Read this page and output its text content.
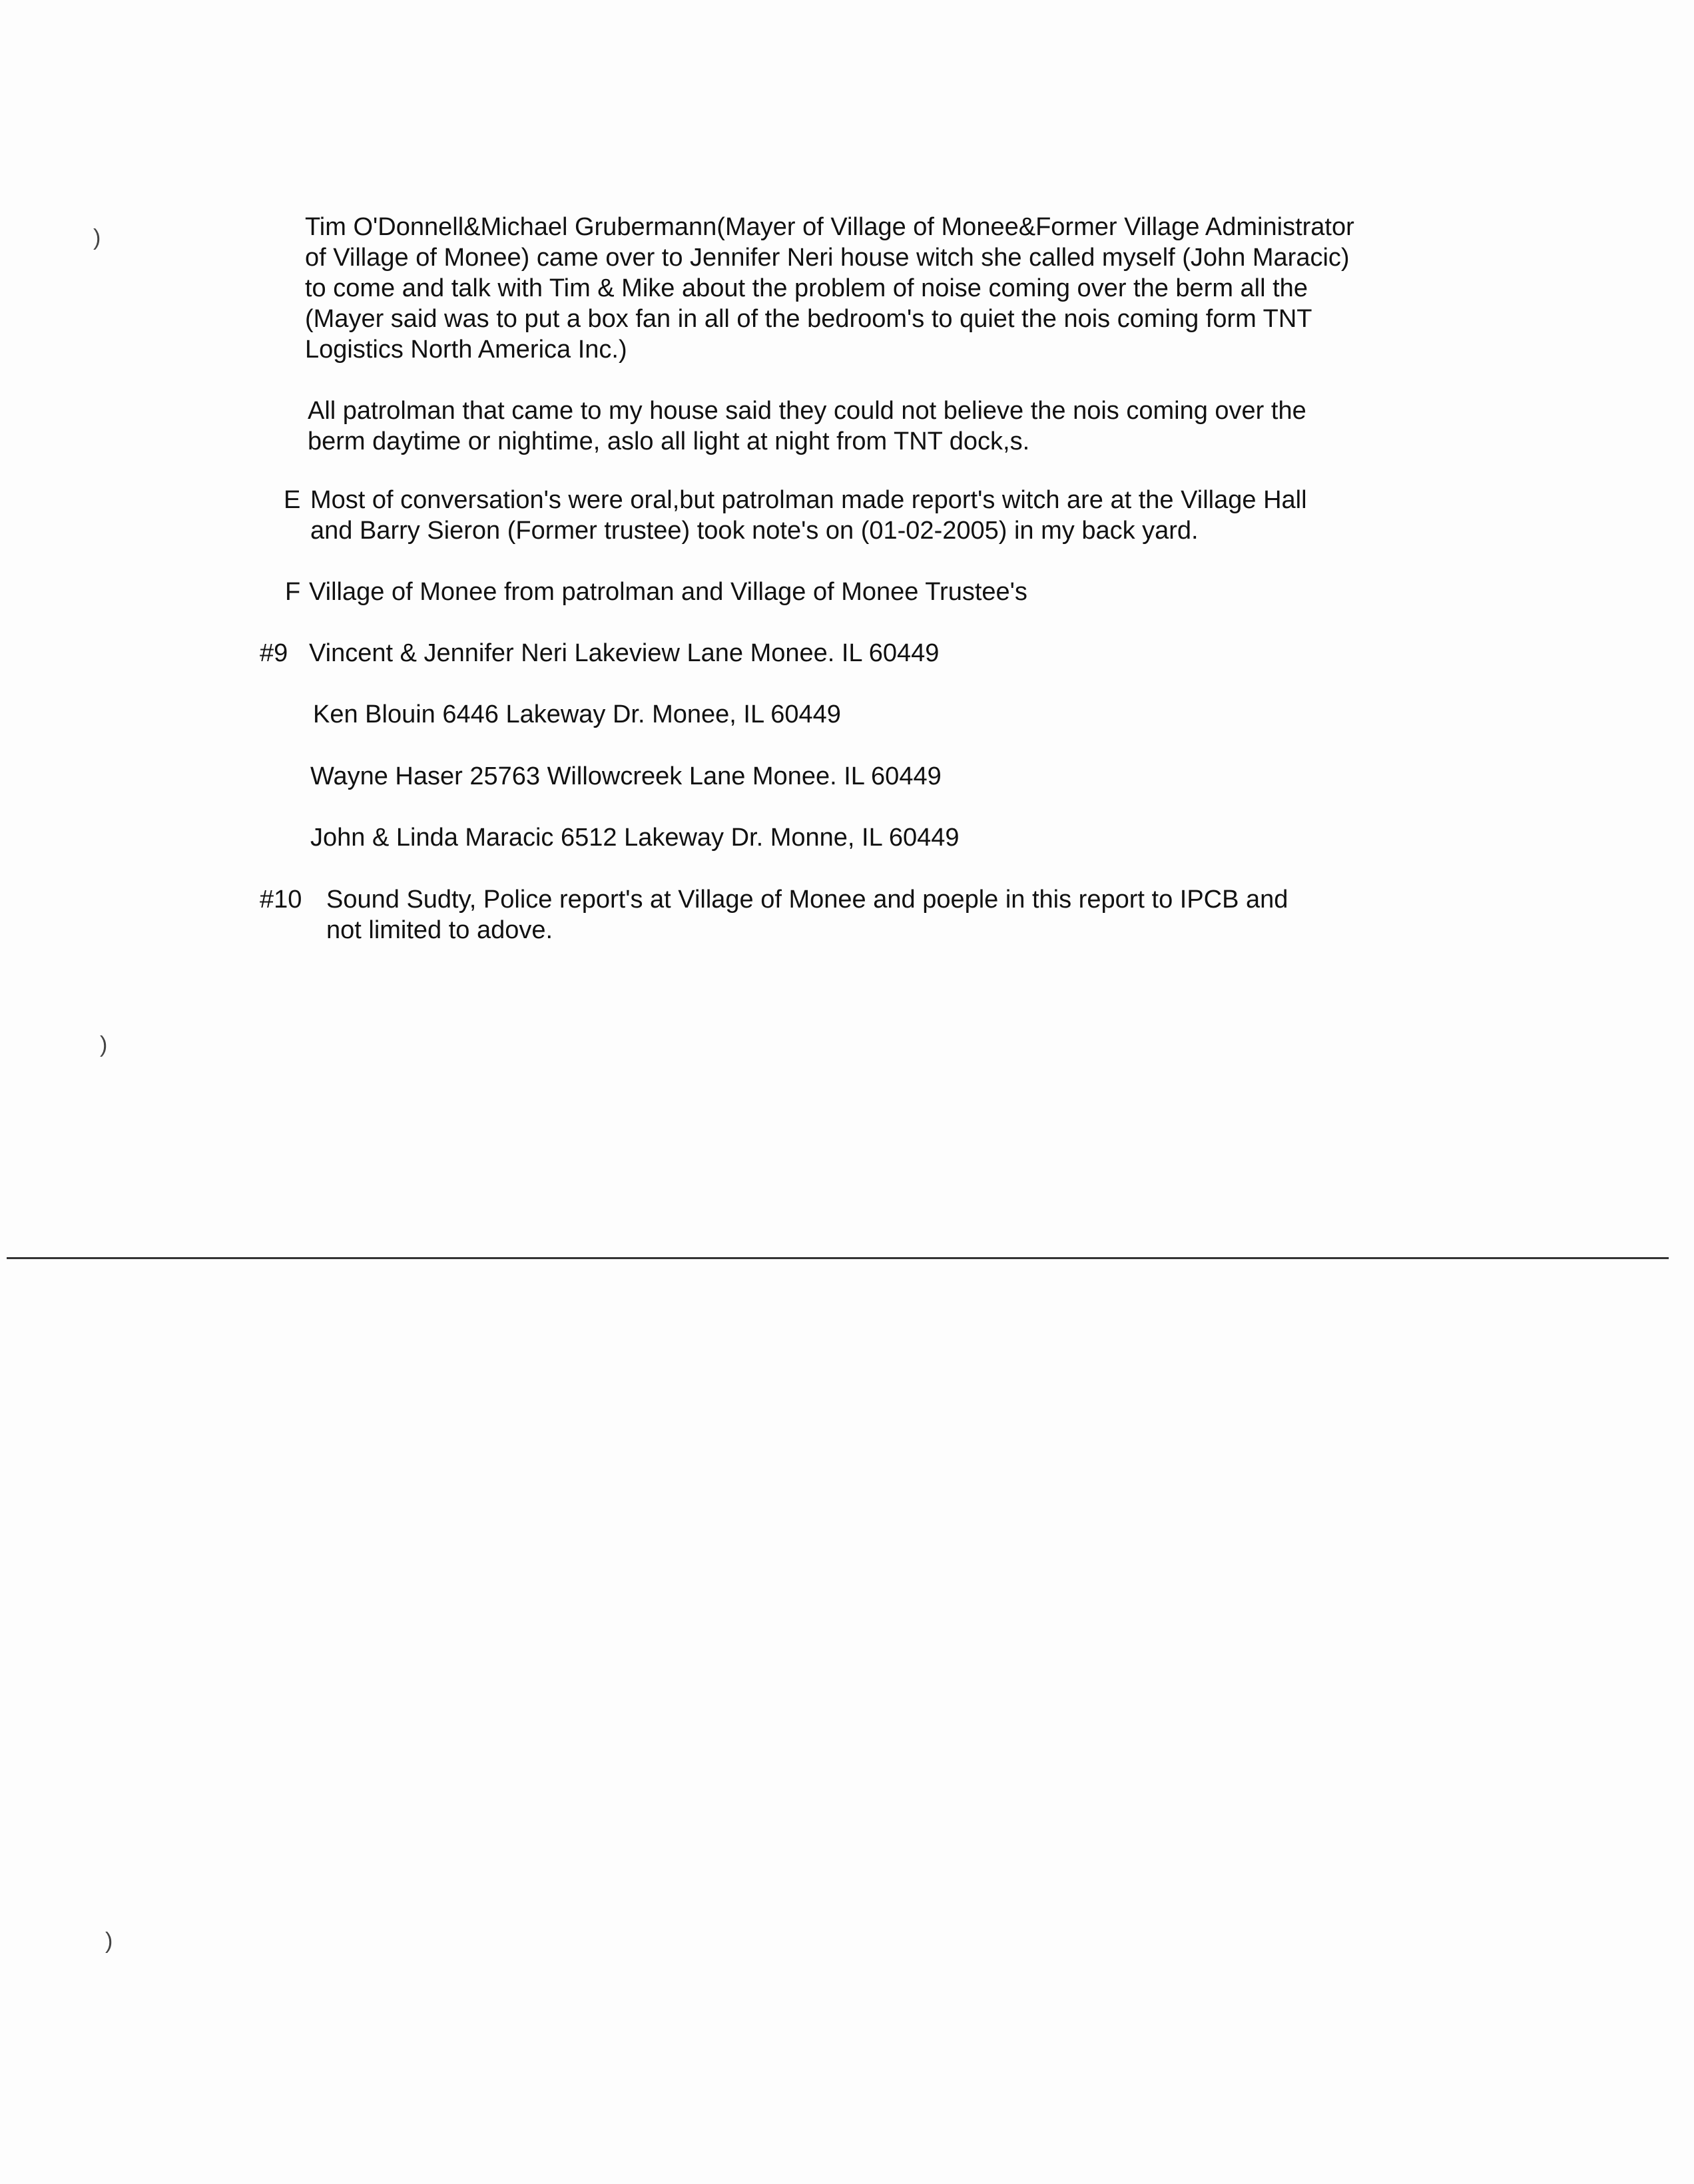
)
)
)
Tim O'Donnell&Michael Grubermann(Mayer of Village of Monee&Former Village Administrator
of Village of Monee) came over to Jennifer Neri house witch she called myself (John Maracic)
to come and talk with Tim & Mike about the problem of noise coming over the berm all the
(Mayer said was to put a box fan in all of the bedroom's to quiet the nois coming form TNT
Logistics North America Inc.)
All patrolman that came to my house said they could not believe the nois coming over the
berm daytime or nightime, aslo all light at night from TNT dock,s.
E Most of conversation's were oral,but patrolman made report's witch are at the Village Hall
and Barry Sieron (Former trustee) took note's on (01-02-2005) in my back yard.
F Village of Monee from patrolman and Village of Monee Trustee's
#9 Vincent & Jennifer Neri Lakeview Lane Monee. IL 60449
Ken Blouin 6446 Lakeway Dr. Monee, IL 60449
Wayne Haser 25763 Willowcreek Lane Monee. IL 60449
John & Linda Maracic 6512 Lakeway Dr. Monne, IL 60449
#10 Sound Sudty, Police report's at Village of Monee and poeple in this report to IPCB and
not limited to adove.
